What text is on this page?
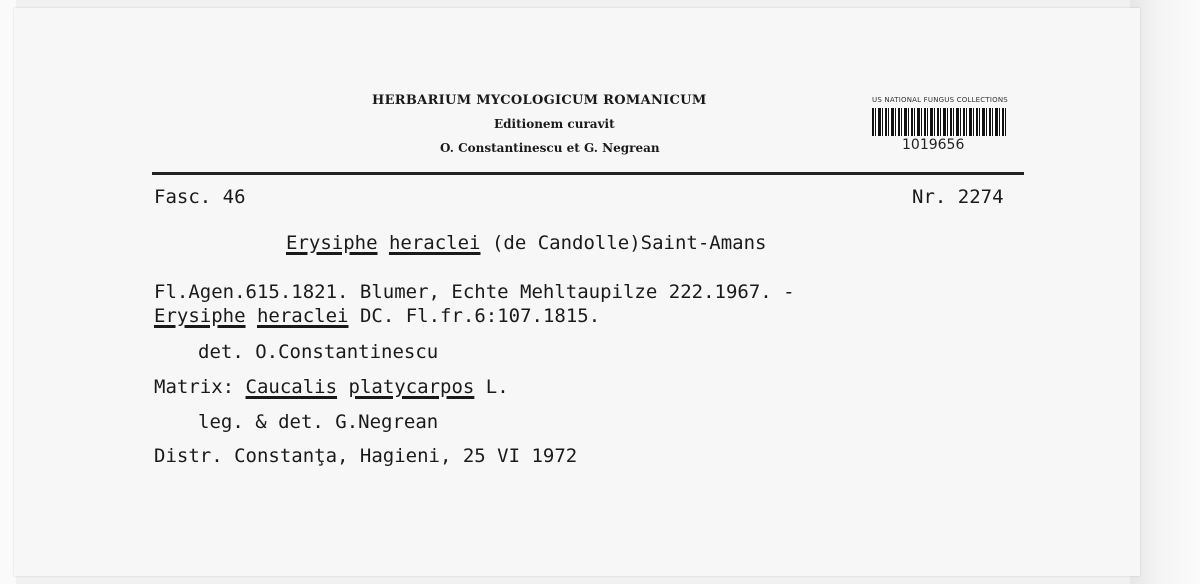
HERBARIUM MYCOLOGICUM ROMANICUM
Editionem curavit
O. Constantinescu et G. Negrean
US NATIONAL FUNGUS COLLECTIONS
1019656
Fasc. 46	Nr. 2274
Erysiphe heraclei (de Candolle)Saint-Amans
Fl.Agen.615.1821. Blumer, Echte Mehltaupilze 222.1967. -
Erysiphe heraclei DC. Fl.fr.6:107.1815.
det. O.Constantinescu
Matrix: Caucalis platycarpos L.
leg. & det. G.Negrean
Distr. Constanţa, Hagieni, 25 VI 1972
